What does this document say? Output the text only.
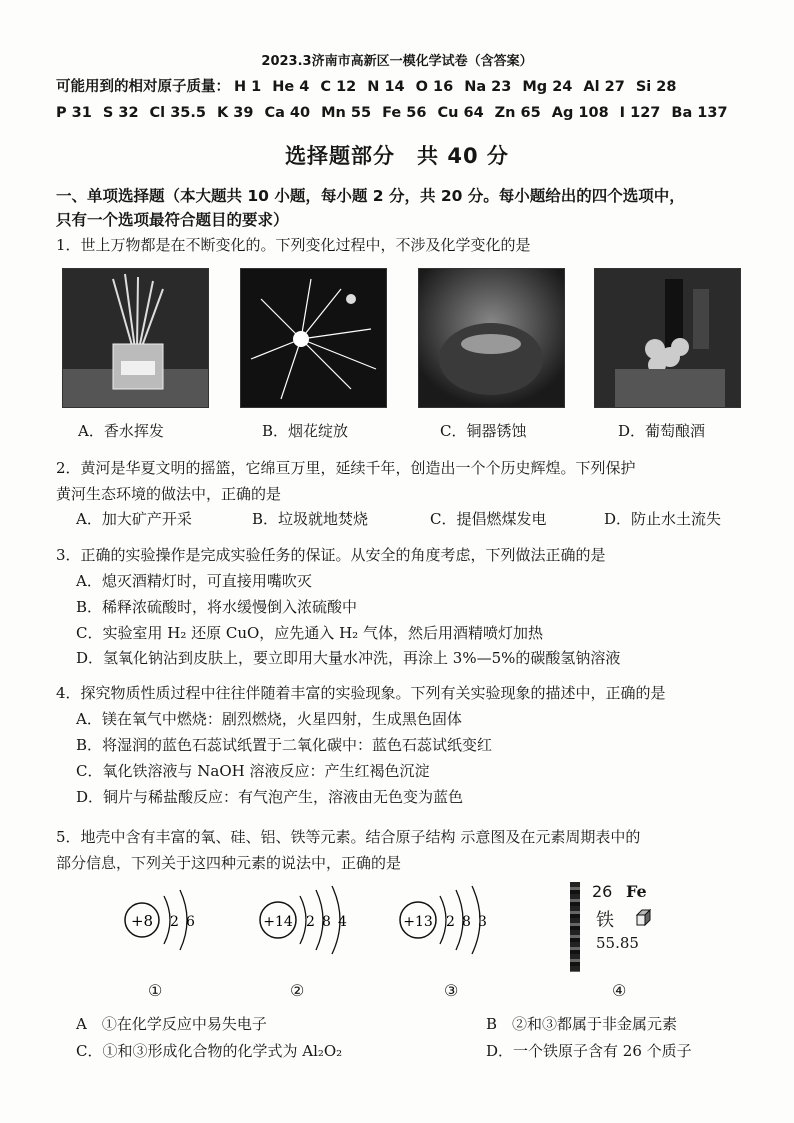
2023.3济南市高新区一模化学试卷（含答案）
可能用到的相对原子质量： H 1 He 4 C 12 N 14 O 16 Na 23 Mg 24 Al 27 Si 28
P 31 S 32 Cl 35.5 K 39 Ca 40 Mn 55 Fe 56 Cu 64 Zn 65 Ag 108 I 127 Ba 137
选择题部分　共 40 分
一、单项选择题（本大题共 10 小题，每小题 2 分，共 20 分。每小题给出的四个选项中，
只有一个选项最符合题目的要求）
1．世上万物都是在不断变化的。下列变化过程中，不涉及化学变化的是
A．香水挥发	B．烟花绽放	C．铜器锈蚀	D．葡萄酿酒
2．黄河是华夏文明的摇篮，它绵亘万里，延续千年，创造出一个个历史辉煌。下列保护
黄河生态环境的做法中，正确的是
A．加大矿产开采	B．垃圾就地焚烧	C．提倡燃煤发电	D．防止水土流失
3．正确的实验操作是完成实验任务的保证。从安全的角度考虑，下列做法正确的是
A．熄灭酒精灯时，可直接用嘴吹灭
B．稀释浓硫酸时，将水缓慢倒入浓硫酸中
C．实验室用 H₂ 还原 CuO，应先通入 H₂ 气体，然后用酒精喷灯加热
D．氢氧化钠沾到皮肤上，要立即用大量水冲洗，再涂上 3%—5%的碳酸氢钠溶液
4．探究物质性质过程中往往伴随着丰富的实验现象。下列有关实验现象的描述中，正确的是
A．镁在氧气中燃烧：剧烈燃烧，火星四射，生成黑色固体
B．将湿润的蓝色石蕊试纸置于二氧化碳中：蓝色石蕊试纸变红
C．氧化铁溶液与 NaOH 溶液反应：产生红褐色沉淀
D．铜片与稀盐酸反应：有气泡产生，溶液由无色变为蓝色
5．地壳中含有丰富的氧、硅、铝、铁等元素。结合原子结构 示意图及在元素周期表中的
部分信息，下列关于这四种元素的说法中，正确的是
+8 2 6	+14 2 8 4	+13 2 8 3
26 Fe
铁
55.85
①	②	③	④
A　①在化学反应中易失电子	B　②和③都属于非金属元素
C．①和③形成化合物的化学式为 Al₂O₂	D．一个铁原子含有 26 个质子
